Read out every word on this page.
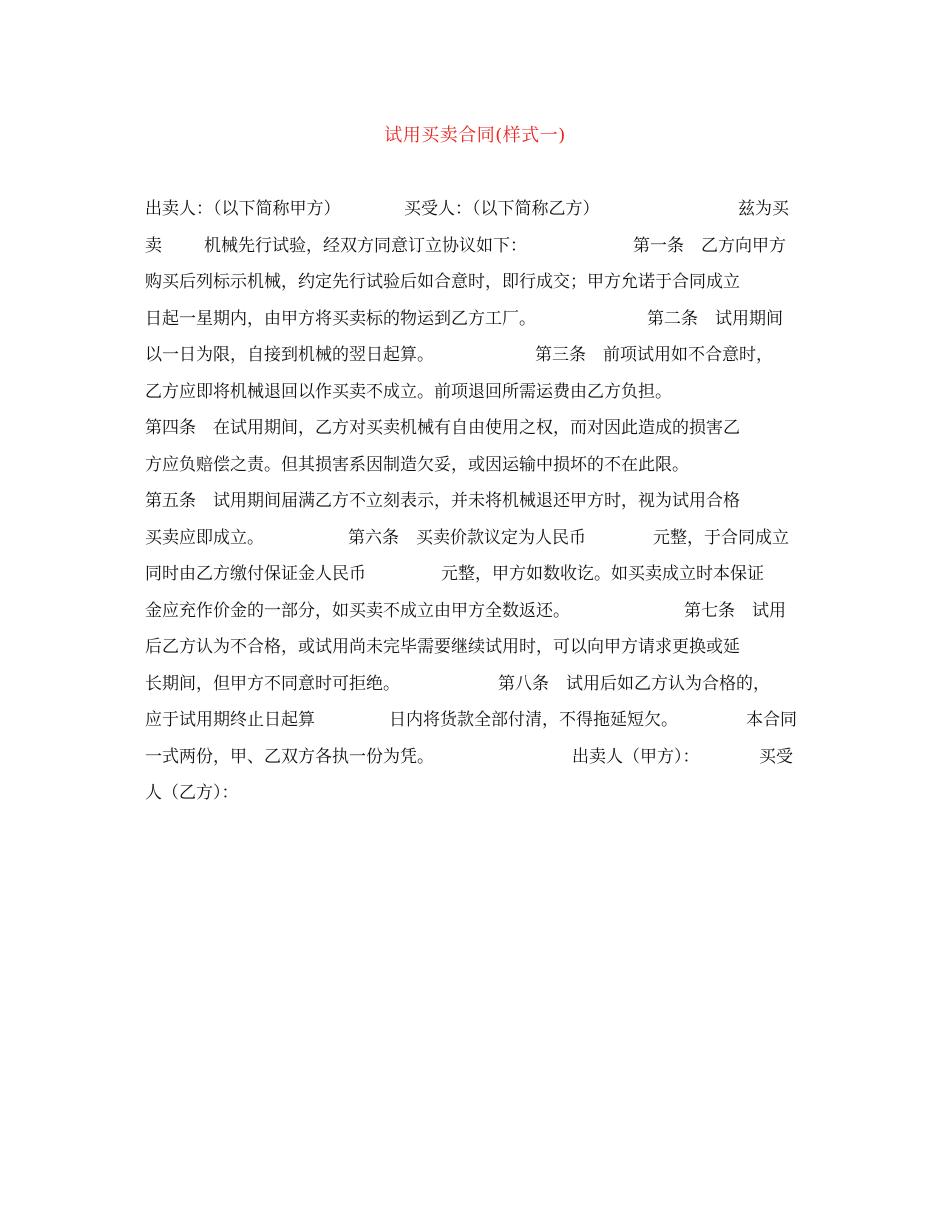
试用买卖合同(样式一)
出卖人：（以下简称甲方）	买受人：（以下简称乙方）	兹为买
卖 机械先行试验，经双方同意订立协议如下：	第一条　乙方向甲方
购买后列标示机械，约定先行试验后如合意时，即行成交；甲方允诺于合同成立
日起一星期内，由甲方将买卖标的物运到乙方工厂。	第二条　试用期间
以一日为限，自接到机械的翌日起算。	第三条　前项试用如不合意时，
乙方应即将机械退回以作买卖不成立。前项退回所需运费由乙方负担。
第四条　在试用期间，乙方对买卖机械有自由使用之权，而对因此造成的损害乙
方应负赔偿之责。但其损害系因制造欠妥，或因运输中损坏的不在此限。
第五条　试用期间届满乙方不立刻表示，并未将机械退还甲方时，视为试用合格
买卖应即成立。	第六条　买卖价款议定为人民币	元整，于合同成立
同时由乙方缴付保证金人民币	元整，甲方如数收讫。如买卖成立时本保证
金应充作价金的一部分，如买卖不成立由甲方全数返还。	第七条　试用
后乙方认为不合格，或试用尚未完毕需要继续试用时，可以向甲方请求更换或延
长期间，但甲方不同意时可拒绝。	第八条　试用后如乙方认为合格的，
应于试用期终止日起算	日内将货款全部付清，不得拖延短欠。	本合同
一式两份，甲、乙双方各执一份为凭。	出卖人（甲方）：	买受
人（乙方）：
